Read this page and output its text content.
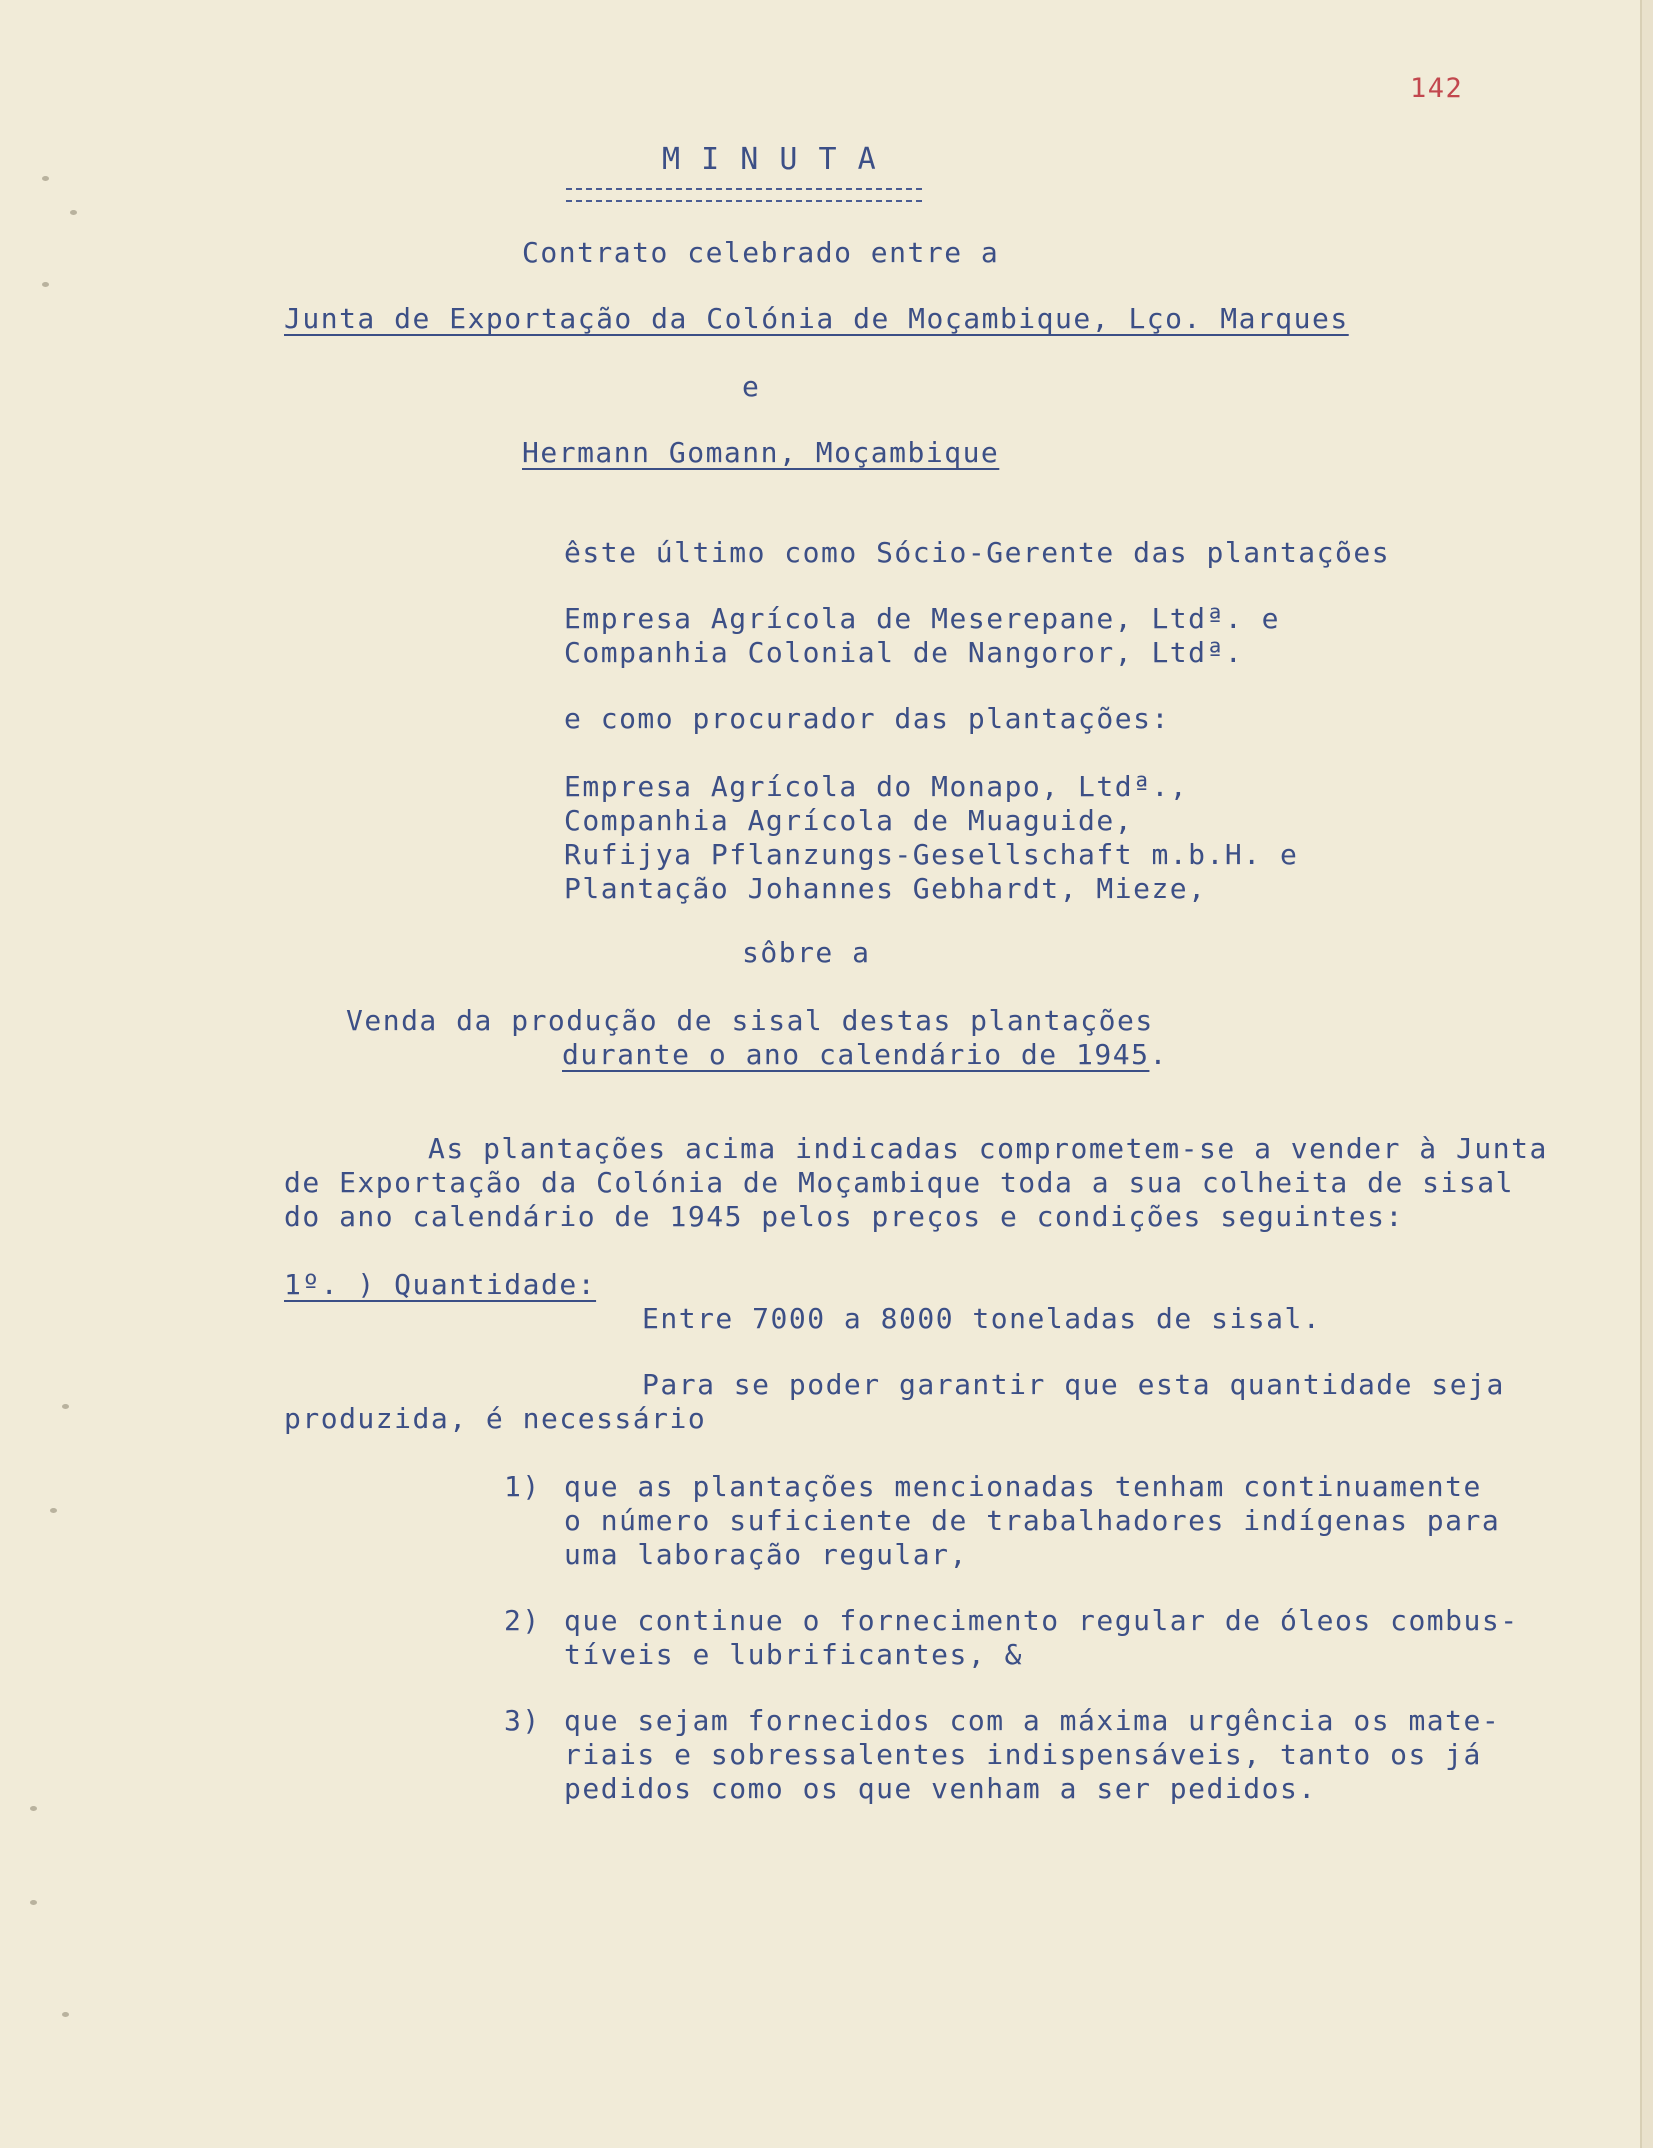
142
M I N U T A
Contrato celebrado entre a
Junta de Exportação da Colónia de Moçambique, Lço. Marques
e
Hermann Gomann, Moçambique
êste último como Sócio-Gerente das plantações
Empresa Agrícola de Meserepane, Ltdª. e
Companhia Colonial de Nangoror, Ltdª.
e como procurador das plantações:
Empresa Agrícola do Monapo, Ltdª.,
Companhia Agrícola de Muaguide,
Rufijya Pflanzungs-Gesellschaft m.b.H. e
Plantação Johannes Gebhardt, Mieze,
sôbre a
Venda da produção de sisal destas plantações
durante o ano calendário de 1945.
As plantações acima indicadas comprometem-se a vender à Junta
de Exportação da Colónia de Moçambique toda a sua colheita de sisal
do ano calendário de 1945 pelos preços e condições seguintes:
1º. ) Quantidade:
Entre 7000 a 8000 toneladas de sisal.
Para se poder garantir que esta quantidade seja
produzida, é necessário
1) que as plantações mencionadas tenham continuamente
o número suficiente de trabalhadores indígenas para
uma laboração regular,
2) que continue o fornecimento regular de óleos combus-
tíveis e lubrificantes, &
3) que sejam fornecidos com a máxima urgência os mate-
riais e sobressalentes indispensáveis, tanto os já
pedidos como os que venham a ser pedidos.
